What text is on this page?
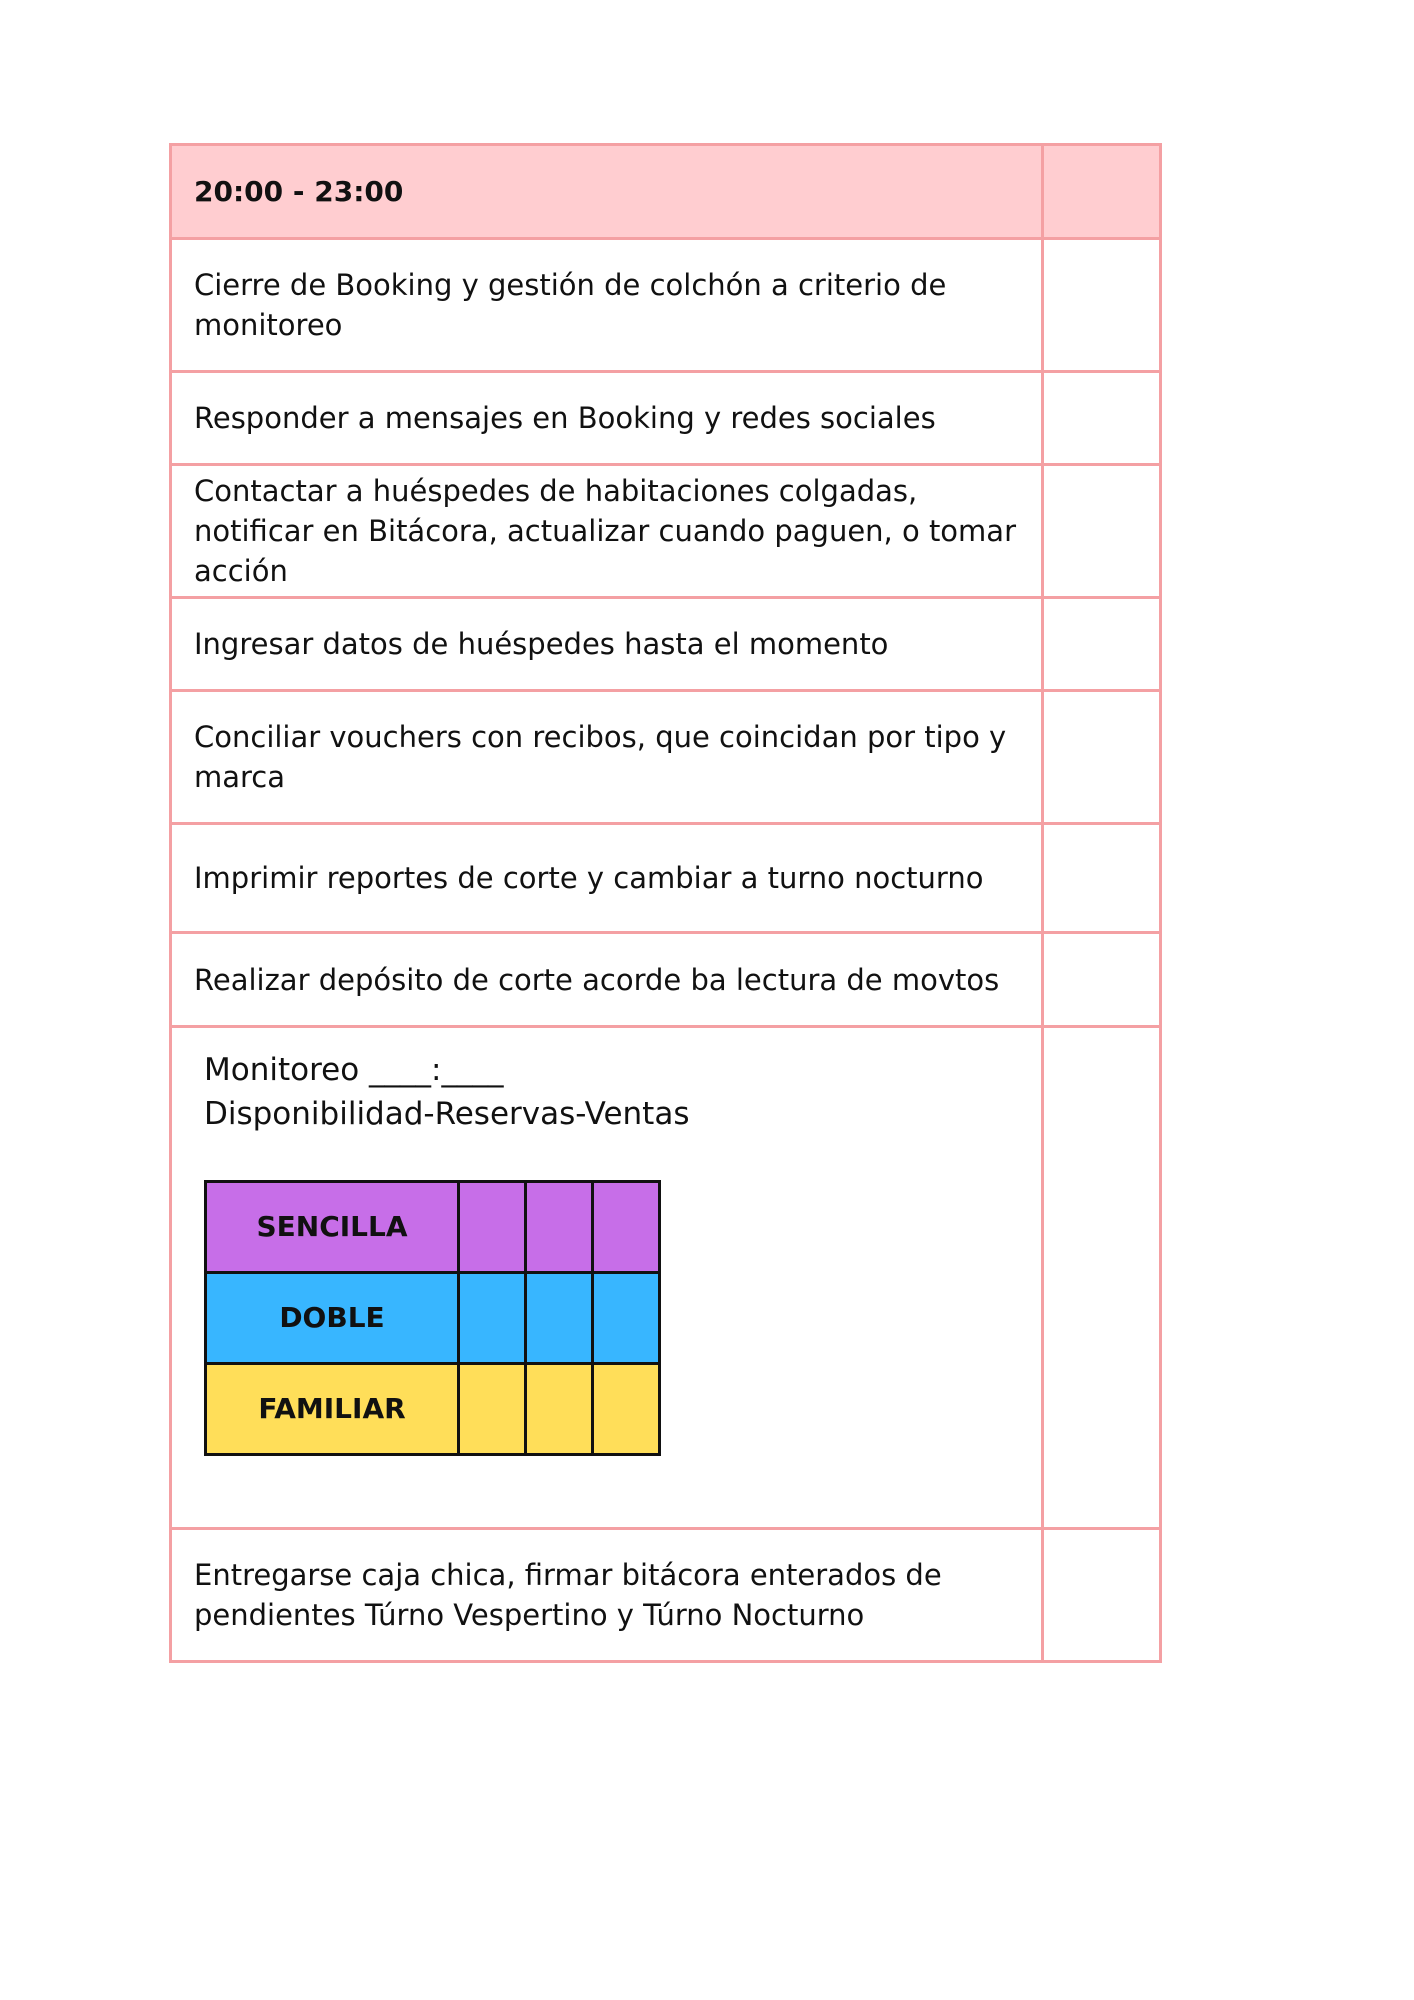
20:00 - 23:00	
Cierre de Booking y gestión de colchón a criterio de monitoreo	
Responder a mensajes en Booking y redes sociales	
Contactar a huéspedes de habitaciones colgadas, notificar en Bitácora, actualizar cuando paguen, o tomar acción	
Ingresar datos de huéspedes hasta el momento	
Conciliar vouchers con recibos, que coincidan por tipo y marca	
Imprimir reportes de corte y cambiar a turno nocturno	
Realizar depósito de corte acorde ba lectura de movtos	

Monitoreo ____:____
Disponibilidad-Reservas-Ventas
SENCILLA			
DOBLE			
FAMILIAR			

Entregarse caja chica, firmar bitácora enterados de pendientes Túrno Vespertino y Túrno Nocturno	
